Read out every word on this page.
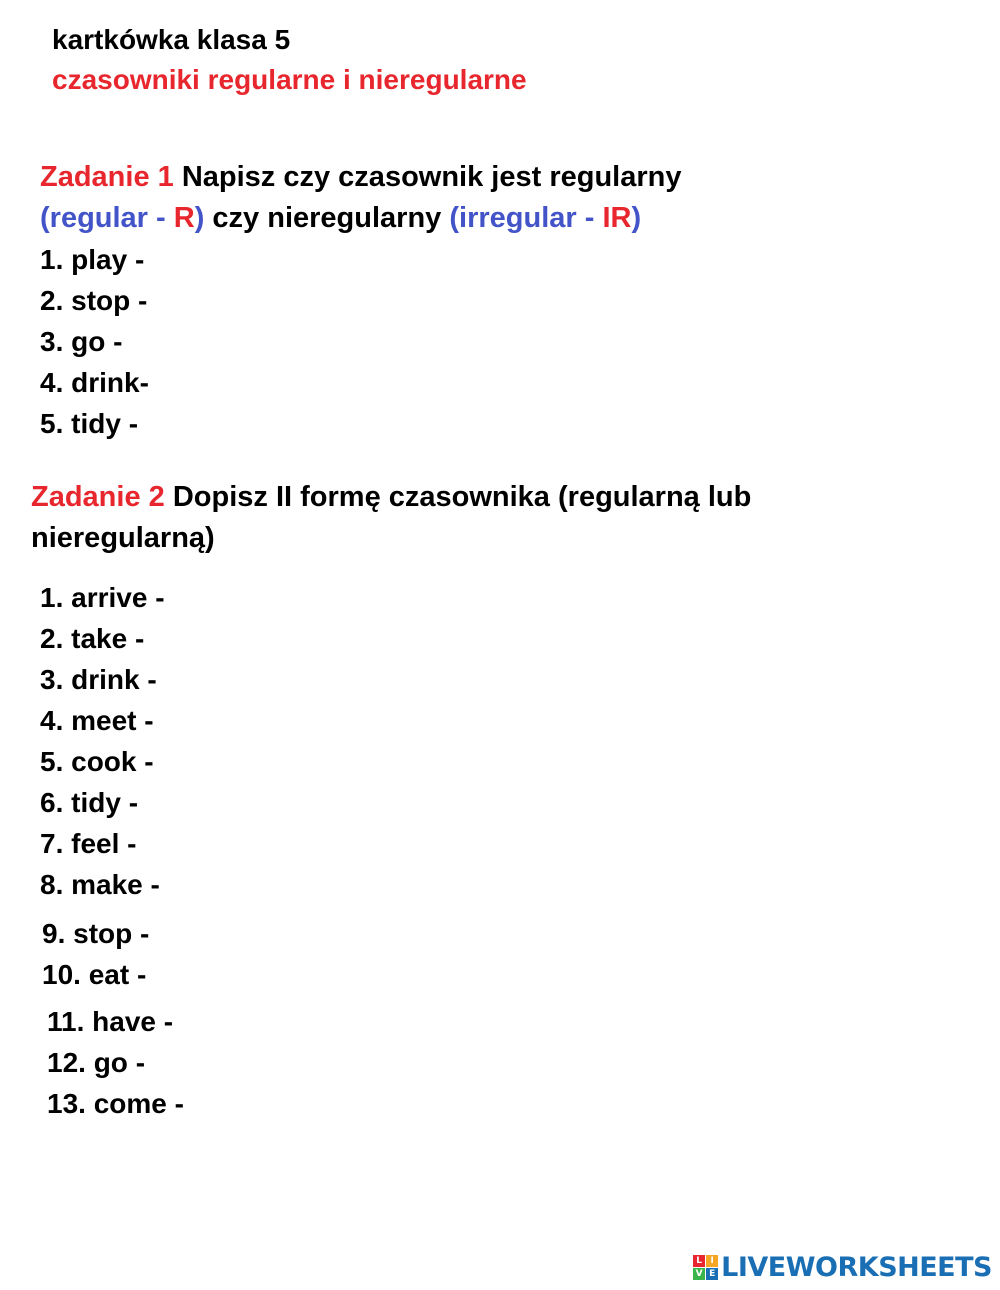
kartkówka klasa 5
czasowniki regularne i nieregularne
Zadanie 1 Napisz czy czasownik jest regularny
(regular - R) czy nieregularny (irregular - IR)
1. play -
2. stop -
3. go -
4. drink-
5. tidy -
Zadanie 2 Dopisz II formę czasownika (regularną lub
nieregularną)
1. arrive -
2. take -
3. drink -
4. meet -
5. cook -
6. tidy -
7. feel -
8. make -
9. stop -
10. eat -
11. have -
12. go -
13. come -
L I
V E LIVEWORKSHEETS
